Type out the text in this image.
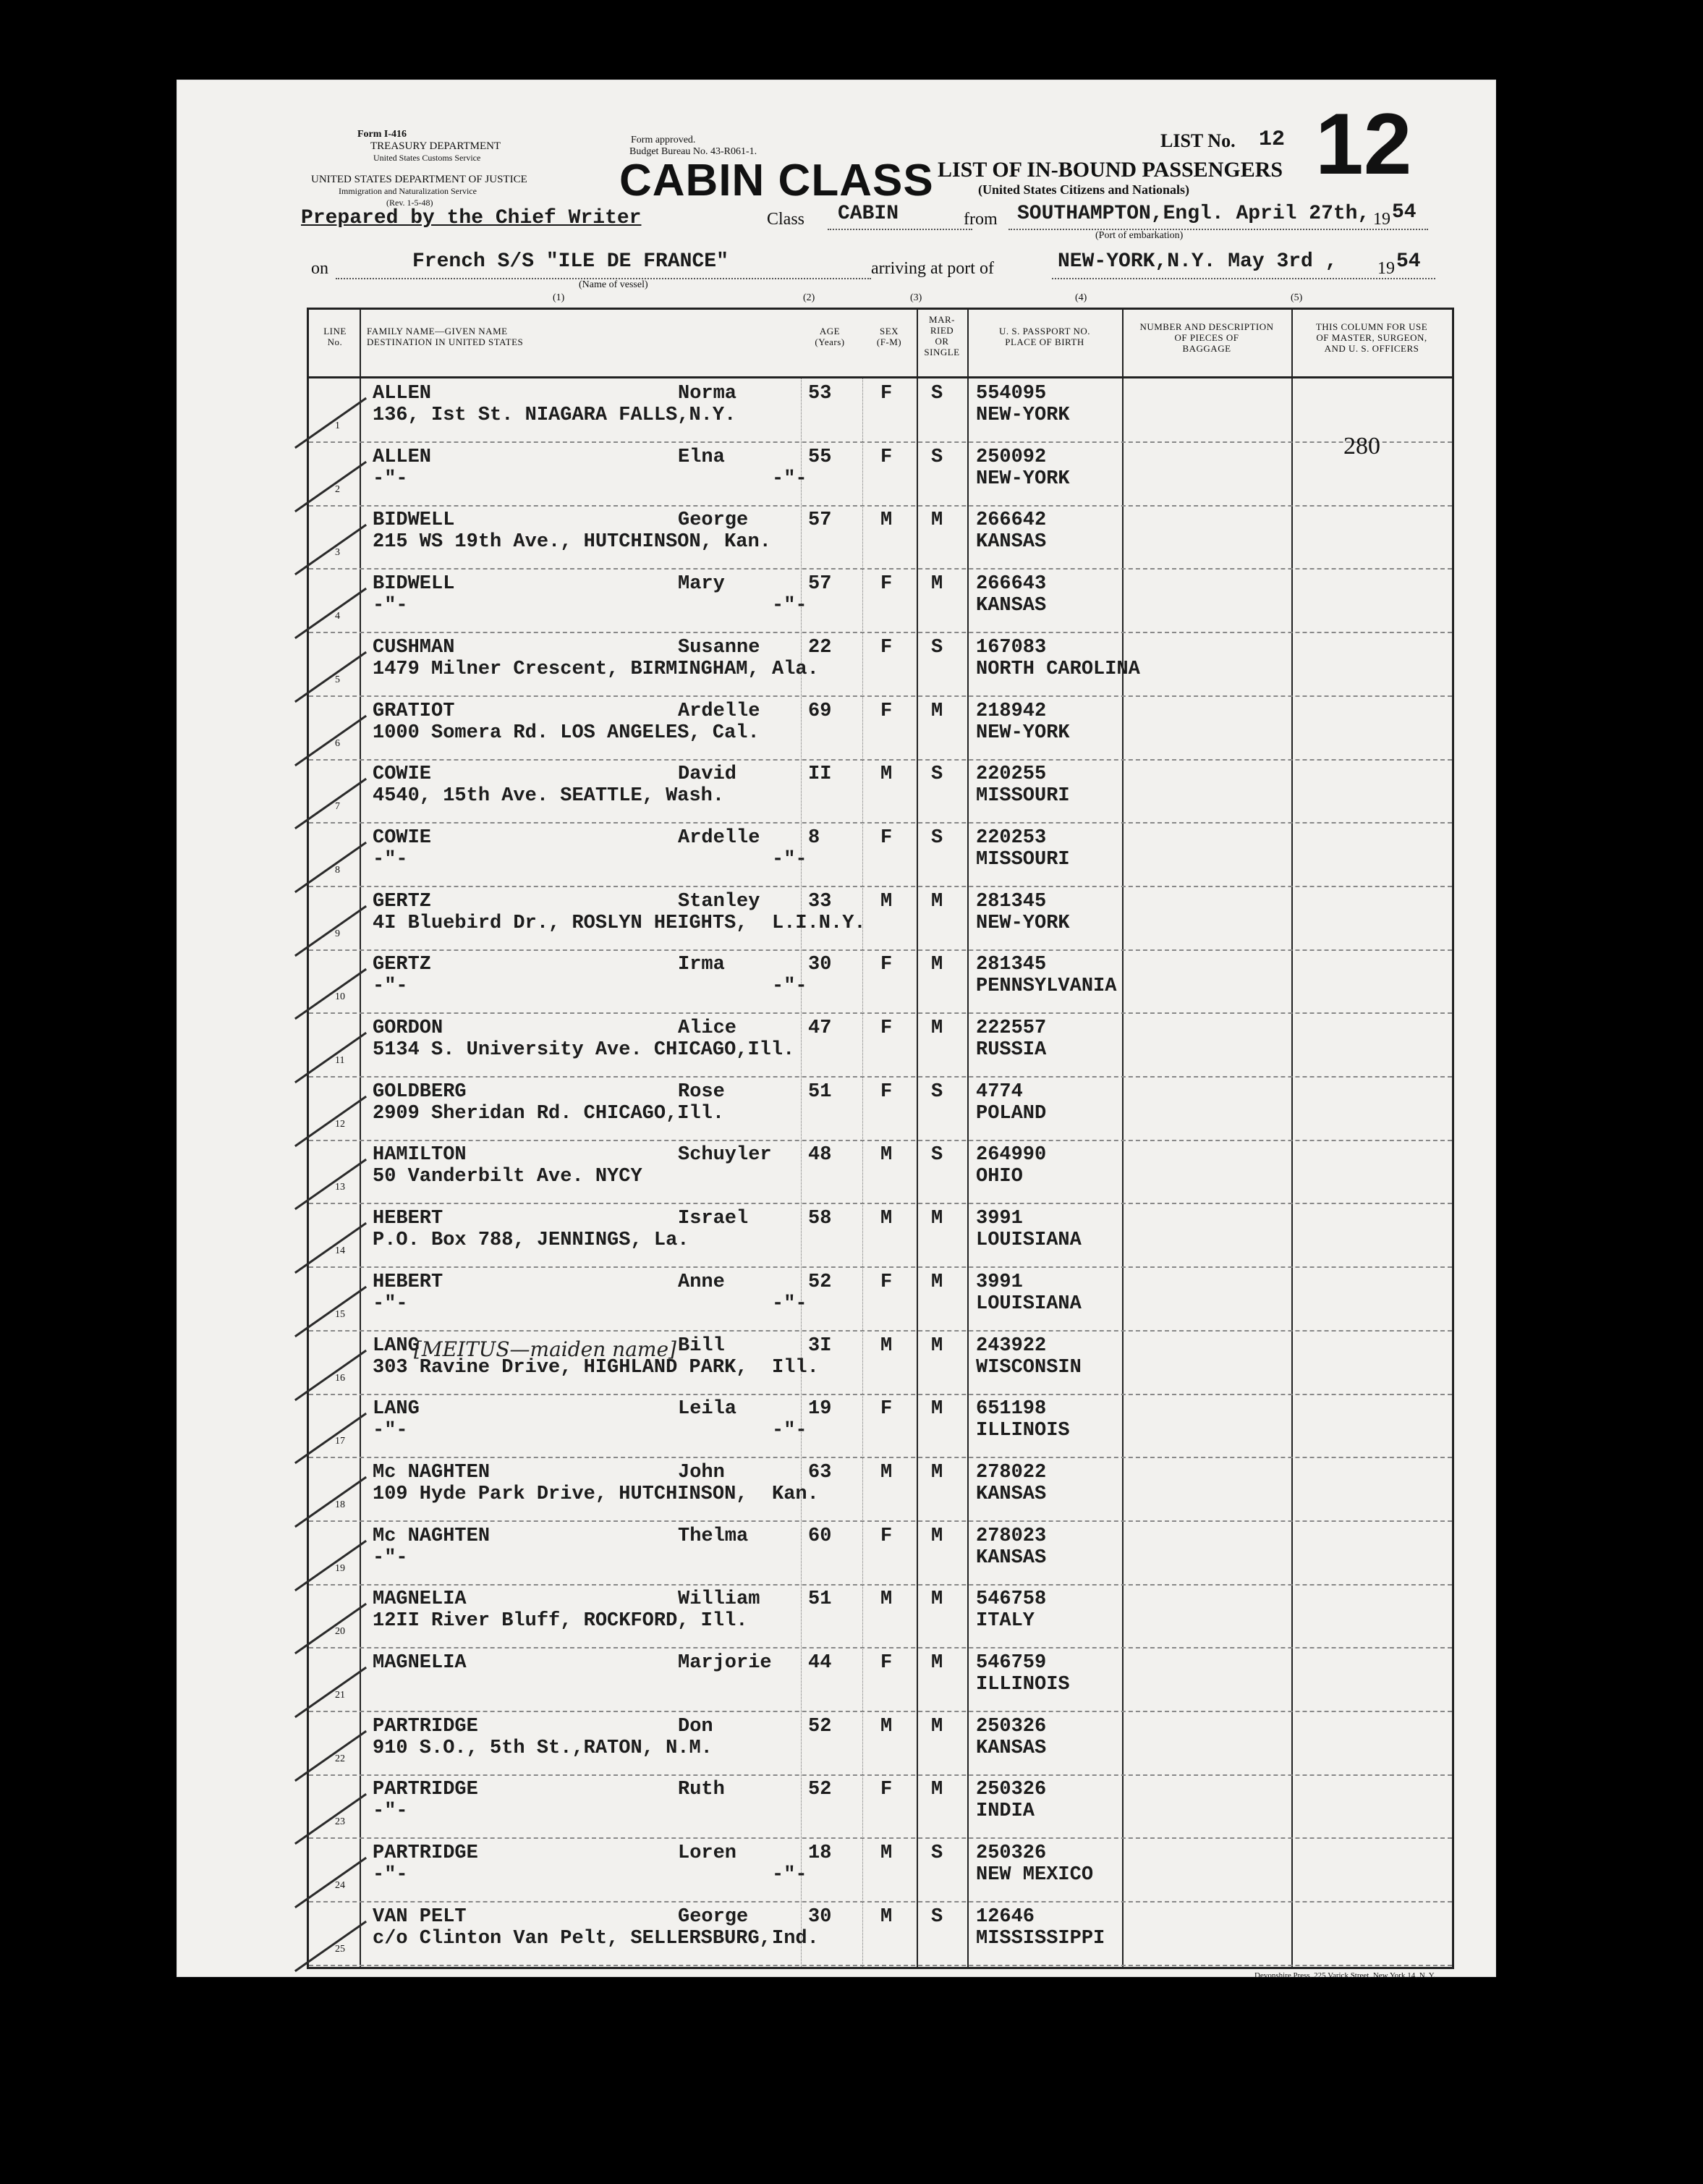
Form I-416
TREASURY DEPARTMENT
United States Customs Service
UNITED STATES DEPARTMENT OF JUSTICE
Immigration and Naturalization Service
(Rev. 1-5-48)
Form approved.
Budget Bureau No. 43-R061-1.
CABIN CLASS LIST OF IN-BOUND PASSENGERS
(United States Citizens and Nationals)
LIST No. 12 12
Prepared by the Chief Writer	Class CABIN	from SOUTHAMPTON,Engl. April 27th, 19 54
(Port of embarkation)
on	French S/S "ILE DE FRANCE"
(Name of vessel)
arriving at port of	NEW-YORK,N.Y. May 3rd , 19 54
(1)	(2)	(3)	(4)	(5)
LINE
No.
FAMILY NAME—GIVEN NAME
DESTINATION IN UNITED STATES
AGE
(Years)
SEX
(F-M)
MAR-
RIED
OR
SINGLE
U. S. PASSPORT NO.
PLACE OF BIRTH
NUMBER AND DESCRIPTION
OF PIECES OF
BAGGAGE
THIS COLUMN FOR USE
OF MASTER, SURGEON,
AND U. S. OFFICERS
1
ALLEN	Norma	53	F S 554095
136, Ist St. NIAGARA FALLS,N.Y.	NEW-YORK
2
ALLEN	Elna	55	F S 250092
-"-	-"-	NEW-YORK
3
BIDWELL	George	57	M M 266642
215 WS 19th Ave., HUTCHINSON, Kan.	KANSAS
4
BIDWELL	Mary	57	F M 266643
-"-	-"-	KANSAS
5
CUSHMAN	Susanne 22	F S 167083
1479 Milner Crescent, BIRMINGHAM, Ala.	NORTH CAROLINA
6
GRATIOT	Ardelle 69	F M 218942
1000 Somera Rd. LOS ANGELES, Cal.	NEW-YORK
7
COWIE	David	II	M S 220255
4540, 15th Ave. SEATTLE, Wash.	MISSOURI
8
COWIE	Ardelle 8	F S 220253
-"-	-"-	MISSOURI
9
GERTZ	Stanley 33	M M 281345
4I Bluebird Dr., ROSLYN HEIGHTS, L.I.N.Y.	NEW-YORK
10
GERTZ	Irma	30	F M 281345
-"-	-"-	PENNSYLVANIA
11
GORDON	Alice	47	F M 222557
5134 S. University Ave. CHICAGO,Ill.	RUSSIA
12
GOLDBERG	Rose	51	F S 4774
2909 Sheridan Rd. CHICAGO,Ill.	POLAND
13
HAMILTON	Schuyler 48	M S 264990
50 Vanderbilt Ave. NYCY	OHIO
14
HEBERT	Israel	58	M M 3991
P.O. Box 788, JENNINGS, La.	LOUISIANA
15
HEBERT	Anne	52	F M 3991
-"-	-"-	LOUISIANA
16
LANG	Bill	3I	M M 243922
303 Ravine Drive, HIGHLAND PARK, Ill.	WISCONSIN
17
LANG	Leila	19	F M 651198
-"-	-"-	ILLINOIS
18
Mc NAGHTEN	John	63	M M 278022
109 Hyde Park Drive, HUTCHINSON, Kan.	KANSAS
19
Mc NAGHTEN	Thelma	60	F M 278023
-"-	KANSAS
20
MAGNELIA	William 51	M M 546758
12II River Bluff, ROCKFORD, Ill.	ITALY
21
MAGNELIA	Marjorie 44	F M 546759
ILLINOIS
22
PARTRIDGE	Don	52	M M 250326
910 S.O., 5th St.,RATON, N.M.	KANSAS
23
PARTRIDGE	Ruth	52	F M 250326
-"-	INDIA
24
PARTRIDGE	Loren	18	M S 250326
-"-	-"-	NEW MEXICO
25
VAN PELT	George	30	M S 12646
c/o Clinton Van Pelt, SELLERSBURG, Ind.	MISSISSIPPI
280
[MEITUS—maiden name]
Devonshire Press, 225 Varick Street, New York 14, N. Y.
